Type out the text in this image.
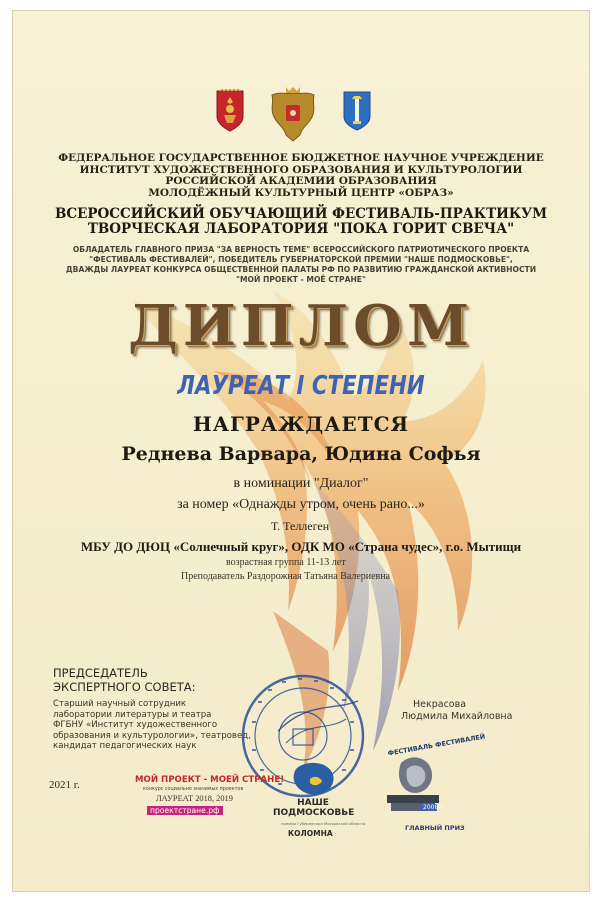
ФЕДЕРАЛЬНОЕ ГОСУДАРСТВЕННОЕ БЮДЖЕТНОЕ НАУЧНОЕ УЧРЕЖДЕНИЕ
ИНСТИТУТ ХУДОЖЕСТВЕННОГО ОБРАЗОВАНИЯ И КУЛЬТУРОЛОГИИ
РОССИЙСКОЙ АКАДЕМИИ ОБРАЗОВАНИЯ
МОЛОДЁЖНЫЙ КУЛЬТУРНЫЙ ЦЕНТР «ОБРАЗ»
ВСЕРОССИЙСКИЙ ОБУЧАЮЩИЙ ФЕСТИВАЛЬ-ПРАКТИКУМ
ТВОРЧЕСКАЯ ЛАБОРАТОРИЯ "ПОКА ГОРИТ СВЕЧА"
ОБЛАДАТЕЛЬ ГЛАВНОГО ПРИЗА "ЗА ВЕРНОСТЬ ТЕМЕ" ВСЕРОССИЙСКОГО ПАТРИОТИЧЕСКОГО ПРОЕКТА
"ФЕСТИВАЛЬ ФЕСТИВАЛЕЙ", ПОБЕДИТЕЛЬ ГУБЕРНАТОРСКОЙ ПРЕМИИ "НАШЕ ПОДМОСКОВЬЕ",
ДВАЖДЫ ЛАУРЕАТ КОНКУРСА ОБЩЕСТВЕННОЙ ПАЛАТЫ РФ ПО РАЗВИТИЮ ГРАЖДАНСКОЙ АКТИВНОСТИ
"МОЙ ПРОЕКТ - МОЁ СТРАНЕ"
ДИПЛОМ
ЛАУРЕАТ I СТЕПЕНИ
НАГРАЖДАЕТСЯ
Реднева Варвара, Юдина Софья
в номинации "Диалог"
за номер «Однажды утром, очень рано...»
Т. Теллеген
МБУ ДО ДЮЦ «Солнечный круг», ОДК МО «Страна чудес», г.о. Мытищи
возрастная группа 11-13 лет
Преподаватель Раздорожная Татьяна Валериевна
ПРЕДСЕДАТЕЛЬ
ЭКСПЕРТНОГО СОВЕТА:
Старший научный сотрудник
лаборатории литературы и театра
ФГБНУ «Институт художественного
образования и культурологии», театровед,
кандидат педагогических наук
Некрасова
Людмила Михайловна
2021 г.	МОЙ ПРОЕКТ - МОЕЙ СТРАНЕ!
конкурс социально значимых проектов
ЛАУРЕАТ 2018, 2019
проектстране.рф
НАШЕ
ПОДМОСКОВЬЕ
премия Губернатора Московской области
КОЛОМНА
ФЕСТИВАЛЬ ФЕСТИВАЛЕЙ
2008 г.
ГЛАВНЫЙ ПРИЗ
